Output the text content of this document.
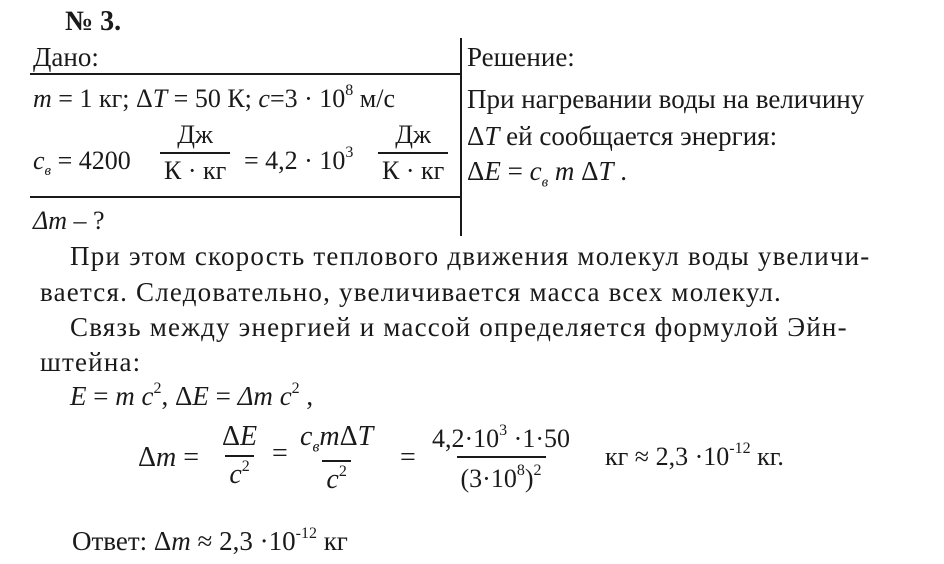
№ 3.
Дано:
m = 1 кг; ΔT = 50 К; $c=3 \cdot 10^8$ м/с
$c_в = 4200$
Дж
К · кг = $4,2 \cdot 10^3$
Дж
К · кг
Δm – ?
Решение:
При нагревании воды на величину
ΔT ей сообщается энергия:
$\Delta E = c_в$ m ΔT .
При этом скорость теплового движения молекул воды увеличи-
вается. Следовательно, увеличивается масса всех молекул.
Связь между энергией и массой определяется формулой Эйн-
штейна:
E = m $c^2$, ΔE = Δm $c^2$ ,
$\Delta m = \frac{\Delta E}{c^2}$ =
$c_вm\Delta T$
$c^2 = \frac{4,2\cdot 10^3 \cdot 1\cdot 50}{(3\cdot 10^8)^2}$ кг ≈ $2,3 \cdot 10^{-12}$ кг.
Ответ: $\Delta m \approx 2,3 \cdot 10^{-12}$ кг
